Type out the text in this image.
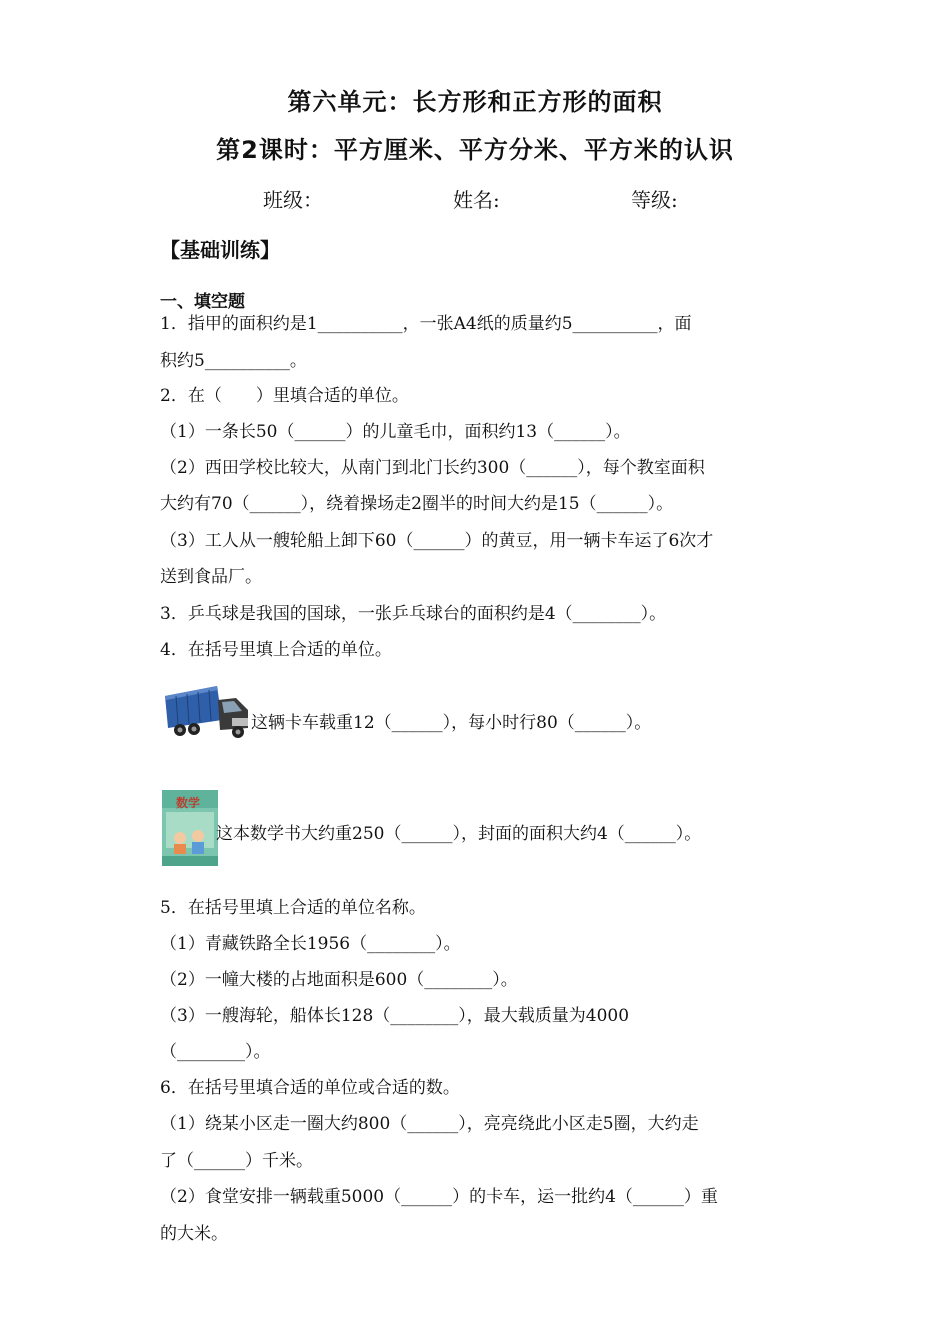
第六单元：长方形和正方形的面积
第2课时：平方厘米、平方分米、平方米的认识
班级：	姓名:	等级:
【基础训练】
一、填空题
1．指甲的面积约是1__________，一张A4纸的质量约5__________，面
积约5__________。
2．在（　　）里填合适的单位。
（1）一条长50（______）的儿童毛巾，面积约13（______）。
（2）西田学校比较大，从南门到北门长约300（______），每个教室面积
大约有70（______），绕着操场走2圈半的时间大约是15（______）。
（3）工人从一艘轮船上卸下60（______）的黄豆，用一辆卡车运了6次才
送到食品厂。
3．乒乓球是我国的国球，一张乒乓球台的面积约是4（________）。
4．在括号里填上合适的单位。
这辆卡车载重12（______），每小时行80（______）。
数学
这本数学书大约重250（______），封面的面积大约4（______）。
5．在括号里填上合适的单位名称。
（1）青藏铁路全长1956（________）。
（2）一幢大楼的占地面积是600（________）。
（3）一艘海轮，船体长128（________），最大载质量为4000
（________）。
6．在括号里填合适的单位或合适的数。
（1）绕某小区走一圈大约800（______），亮亮绕此小区走5圈，大约走
了（______）千米。
（2）食堂安排一辆载重5000（______）的卡车，运一批约4（______）重
的大米。
